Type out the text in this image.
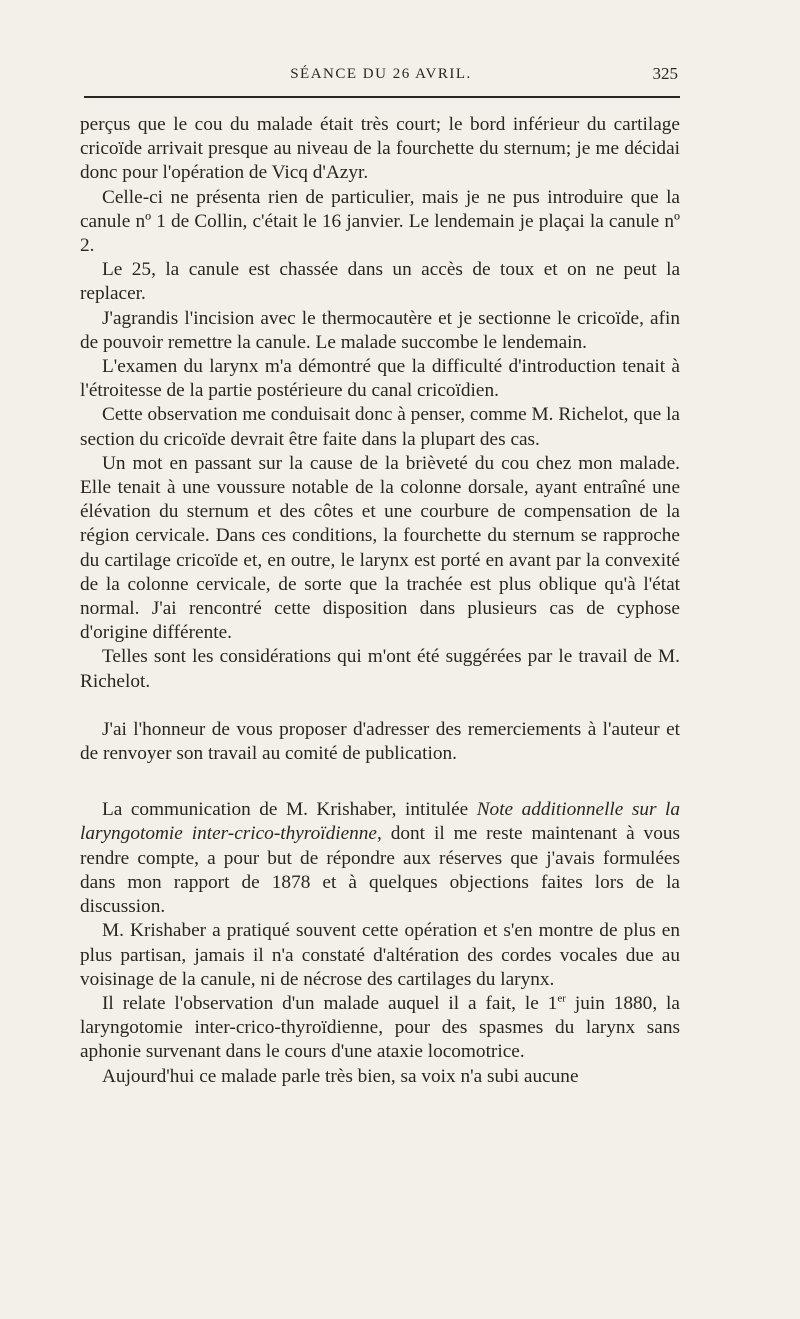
SÉANCE DU 26 AVRIL.	325

perçus que le cou du malade était très court; le bord inférieur du cartilage cricoïde arrivait presque au niveau de la fourchette du sternum; je me décidai donc pour l'opération de Vicq d'Azyr.

Celle-ci ne présenta rien de particulier, mais je ne pus introduire que la canule nº 1 de Collin, c'était le 16 janvier. Le lendemain je plaçai la canule nº 2.

Le 25, la canule est chassée dans un accès de toux et on ne peut la replacer.

J'agrandis l'incision avec le thermocautère et je sectionne le cricoïde, afin de pouvoir remettre la canule. Le malade succombe le lendemain.

L'examen du larynx m'a démontré que la difficulté d'introduction tenait à l'étroitesse de la partie postérieure du canal cricoïdien.

Cette observation me conduisait donc à penser, comme M. Richelot, que la section du cricoïde devrait être faite dans la plupart des cas.

Un mot en passant sur la cause de la brièveté du cou chez mon malade. Elle tenait à une voussure notable de la colonne dorsale, ayant entraîné une élévation du sternum et des côtes et une courbure de compensation de la région cervicale. Dans ces conditions, la fourchette du sternum se rapproche du cartilage cricoïde et, en outre, le larynx est porté en avant par la convexité de la colonne cervicale, de sorte que la trachée est plus oblique qu'à l'état normal. J'ai rencontré cette disposition dans plusieurs cas de cyphose d'origine différente.

Telles sont les considérations qui m'ont été suggérées par le travail de M. Richelot.

J'ai l'honneur de vous proposer d'adresser des remerciements à l'auteur et de renvoyer son travail au comité de publication.

La communication de M. Krishaber, intitulée Note additionnelle sur la laryngotomie inter-crico-thyroïdienne, dont il me reste maintenant à vous rendre compte, a pour but de répondre aux réserves que j'avais formulées dans mon rapport de 1878 et à quelques objections faites lors de la discussion.

M. Krishaber a pratiqué souvent cette opération et s'en montre de plus en plus partisan, jamais il n'a constaté d'altération des cordes vocales due au voisinage de la canule, ni de nécrose des cartilages du larynx.

Il relate l'observation d'un malade auquel il a fait, le 1er juin 1880, la laryngotomie inter-crico-thyroïdienne, pour des spasmes du larynx sans aphonie survenant dans le cours d'une ataxie locomotrice.

Aujourd'hui ce malade parle très bien, sa voix n'a subi aucune
